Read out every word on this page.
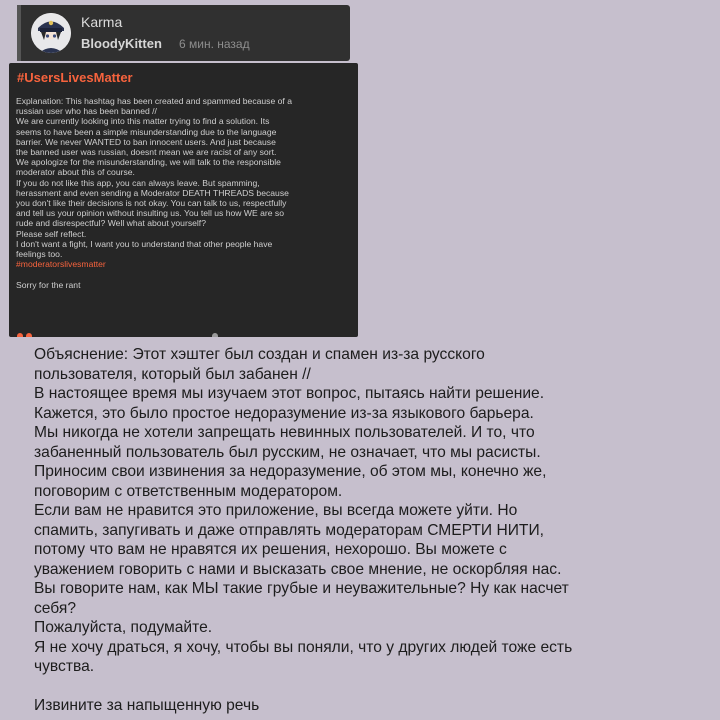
Karma
BloodyKitten 6 мин. назад
#UsersLivesMatter
Explanation: This hashtag has been created and spammed because of a
russian user who has been banned //
We are currently looking into this matter trying to find a solution. Its
seems to have been a simple misunderstanding due to the language
barrier. We never WANTED to ban innocent users. And just because
the banned user was russian, doesnt mean we are racist of any sort.
We apologize for the misunderstanding, we will talk to the responsible
moderator about this of course.
If you do not like this app, you can always leave. But spamming,
herassment and even sending a Moderator DEATH THREADS because
you don't like their decisions is not okay. You can talk to us, respectfully
and tell us your opinion without insulting us. You tell us how WE are so
rude and disrespectful? Well what about yourself?
Please self reflect.
I don't want a fight, I want you to understand that other people have
feelings too.
#moderatorslivesmatter
Sorry for the rant
Объяснение: Этот хэштег был создан и спамен из-за русского
пользователя, который был забанен //
В настоящее время мы изучаем этот вопрос, пытаясь найти решение.
Кажется, это было простое недоразумение из-за языкового барьера.
Мы никогда не хотели запрещать невинных пользователей. И то, что
забаненный пользователь был русским, не означает, что мы расисты.
Приносим свои извинения за недоразумение, об этом мы, конечно же,
поговорим с ответственным модератором.
Если вам не нравится это приложение, вы всегда можете уйти. Но
спамить, запугивать и даже отправлять модераторам СМЕРТИ НИТИ,
потому что вам не нравятся их решения, нехорошо. Вы можете с
уважением говорить с нами и высказать свое мнение, не оскорбляя нас.
Вы говорите нам, как МЫ такие грубые и неуважительные? Ну как насчет
себя?
Пожалуйста, подумайте.
Я не хочу драться, я хочу, чтобы вы поняли, что у других людей тоже есть
чувства.
Извините за напыщенную речь
